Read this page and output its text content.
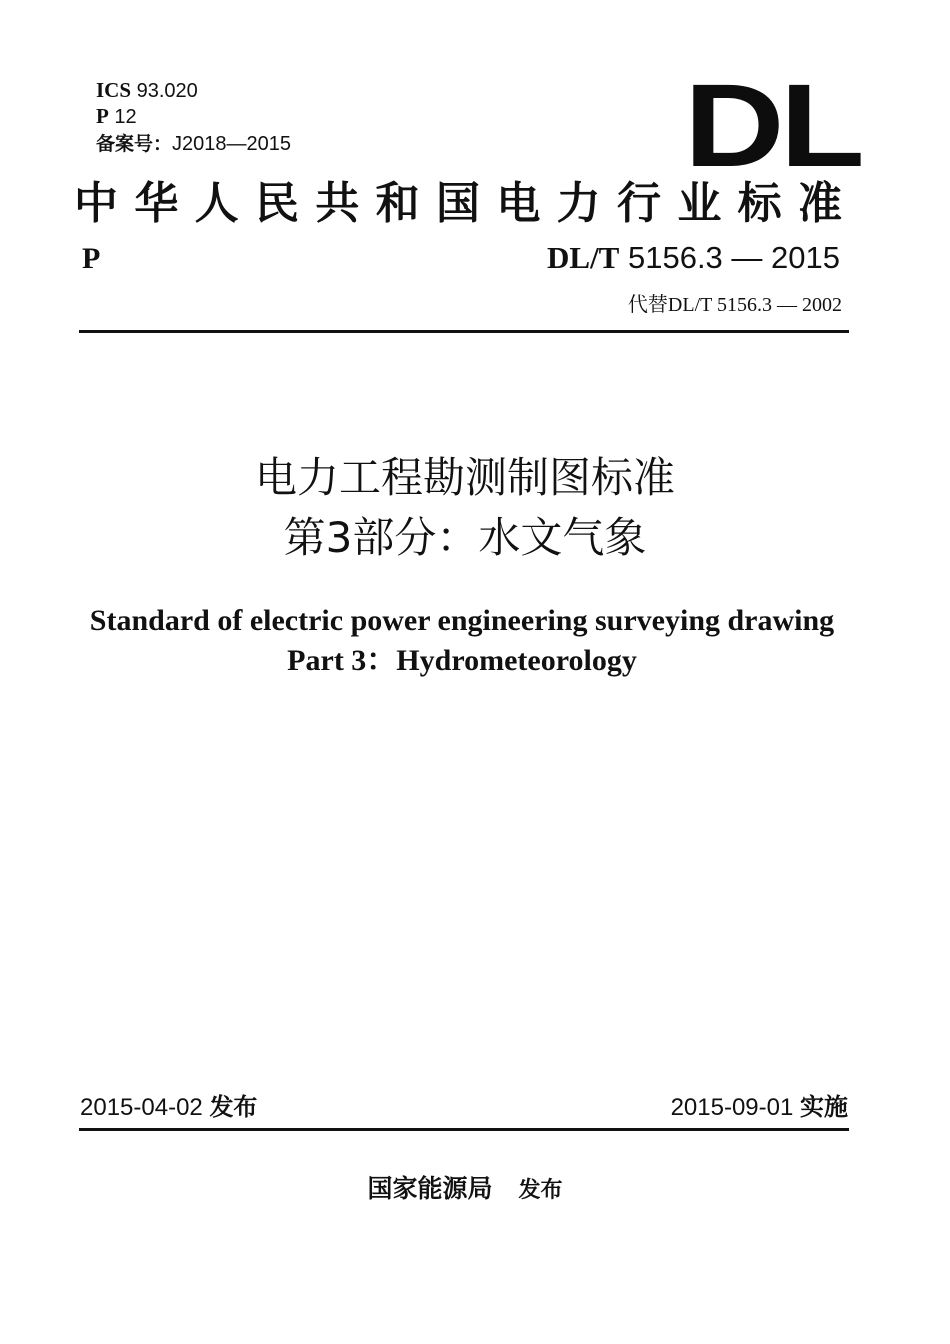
ICS 93.020
P 12
备案号：J2018—2015	DL
中华人民共和国电力行业标准
P	DL/T 5156.3 — 2015
代替DL/T 5156.3 — 2002
电力工程勘测制图标准
第3部分：水文气象
Standard of electric power engineering surveying drawing
Part 3：Hydrometeorology
2015-04-02 发布	2015-09-01 实施
国家能源局 发布
